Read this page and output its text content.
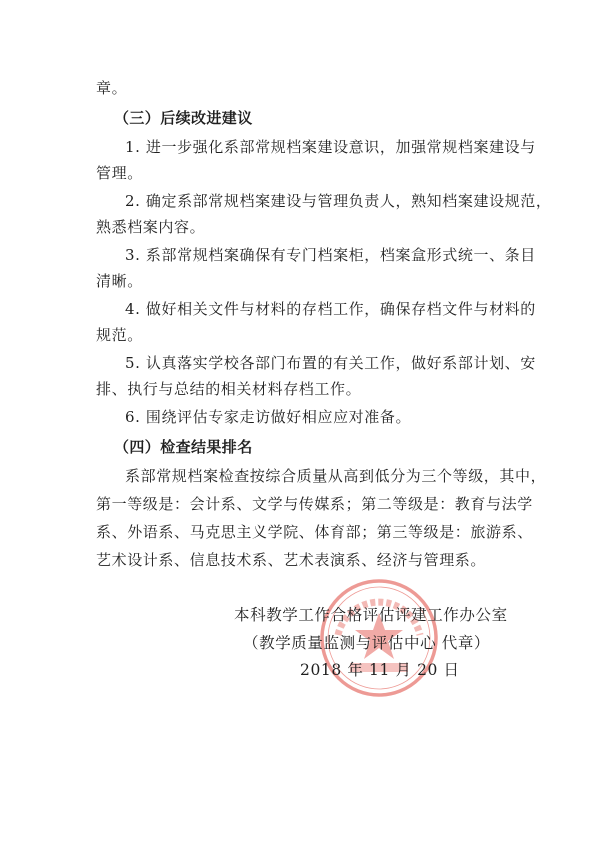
章。
（三）后续改进建议
1. 进一步强化系部常规档案建设意识，加强常规档案建设与
管理。
2. 确定系部常规档案建设与管理负责人，熟知档案建设规范，
熟悉档案内容。
3. 系部常规档案确保有专门档案柜，档案盒形式统一、条目
清晰。
4. 做好相关文件与材料的存档工作，确保存档文件与材料的
规范。
5. 认真落实学校各部门布置的有关工作，做好系部计划、安
排、执行与总结的相关材料存档工作。
6. 围绕评估专家走访做好相应应对准备。
（四）检查结果排名
系部常规档案检查按综合质量从高到低分为三个等级，其中，
第一等级是：会计系、文学与传媒系；第二等级是：教育与法学
系、外语系、马克思主义学院、体育部；第三等级是：旅游系、
艺术设计系、信息技术系、艺术表演系、经济与管理系。
本科教学工作合格评估评建工作办公室
（教学质量监测与评估中心 代章）
2018 年 11 月 20 日
